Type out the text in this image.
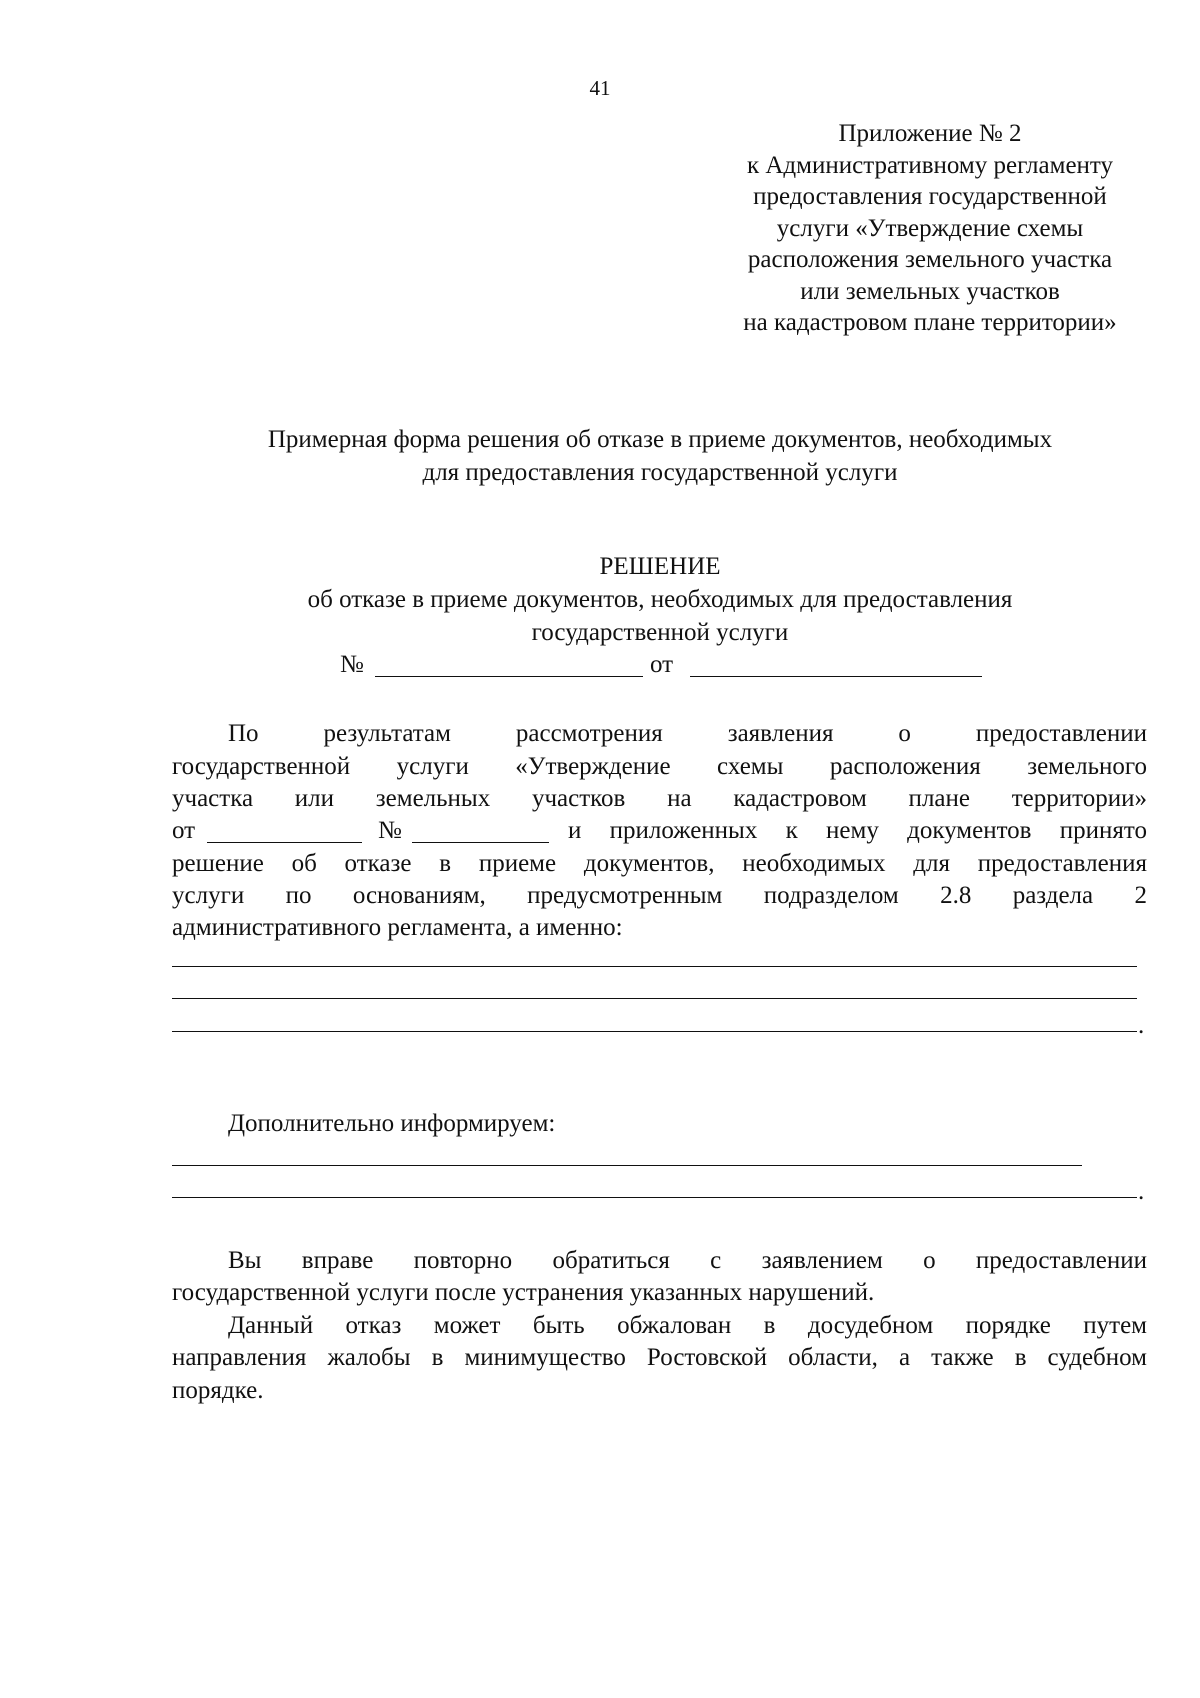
41
Приложение № 2
к Административному регламенту
предоставления государственной
услуги «Утверждение схемы
расположения земельного участка
или земельных участков
на кадастровом плане территории»
Примерная форма решения об отказе в приеме документов, необходимых
для предоставления государственной услуги
РЕШЕНИЕ
об отказе в приеме документов, необходимых для предоставления
государственной услуги
№	от
По результатам рассмотрения заявления о предоставлении
государственной услуги «Утверждение схемы расположения земельного
участка или земельных участков на кадастровом плане территории»
от	№	и приложенных к нему документов принято
решение об отказе в приеме документов, необходимых для предоставления
услуги по основаниям, предусмотренным подразделом 2.8 раздела 2
административного регламента, а именно:
.
Дополнительно информируем:
.
Вы вправе повторно обратиться с заявлением о предоставлении
государственной услуги после устранения указанных нарушений.
Данный отказ может быть обжалован в досудебном порядке путем
направления жалобы в минимущество Ростовской области, а также в судебном
порядке.
